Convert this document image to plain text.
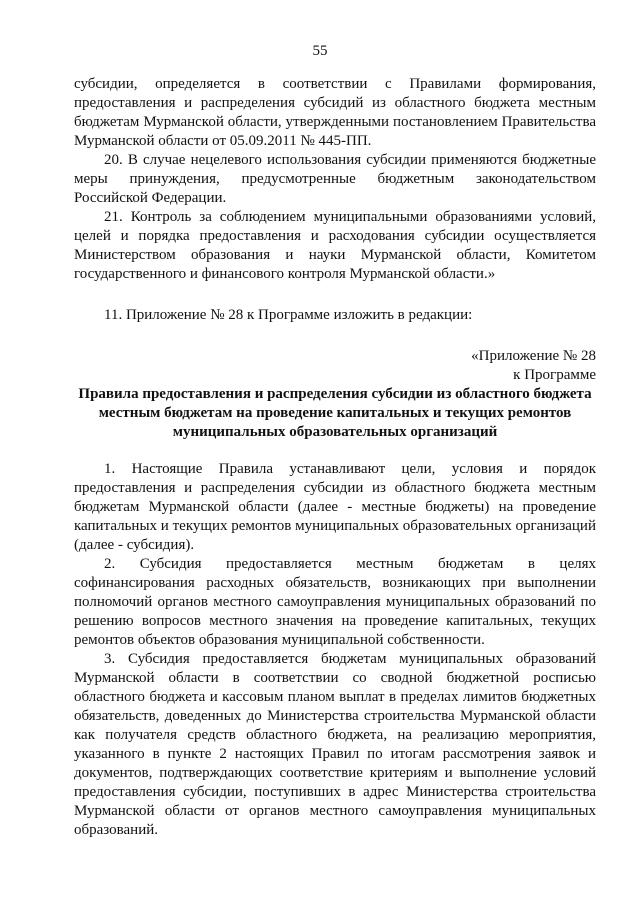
55

субсидии, определяется в соответствии с Правилами формирования, предоставления и распределения субсидий из областного бюджета местным бюджетам Мурманской области, утвержденными постановлением Правительства Мурманской области от 05.09.2011 № 445-ПП.

20. В случае нецелевого использования субсидии применяются бюджетные меры принуждения, предусмотренные бюджетным законодательством Российской Федерации.

21. Контроль за соблюдением муниципальными образованиями условий, целей и порядка предоставления и расходования субсидии осуществляется Министерством образования и науки Мурманской области, Комитетом государственного и финансового контроля Мурманской области.»

11. Приложение № 28 к Программе изложить в редакции:

«Приложение № 28

к Программе

Правила предоставления и распределения субсидии из областного бюджета местным бюджетам на проведение капитальных и текущих ремонтов муниципальных образовательных организаций

1. Настоящие Правила устанавливают цели, условия и порядок предоставления и распределения субсидии из областного бюджета местным бюджетам Мурманской области (далее - местные бюджеты) на проведение капитальных и текущих ремонтов муниципальных образовательных организаций (далее - субсидия).

2. Субсидия предоставляется местным бюджетам в целях софинансирования расходных обязательств, возникающих при выполнении полномочий органов местного самоуправления муниципальных образований по решению вопросов местного значения на проведение капитальных, текущих ремонтов объектов образования муниципальной собственности.

3. Субсидия предоставляется бюджетам муниципальных образований Мурманской области в соответствии со сводной бюджетной росписью областного бюджета и кассовым планом выплат в пределах лимитов бюджетных обязательств, доведенных до Министерства строительства Мурманской области как получателя средств областного бюджета, на реализацию мероприятия, указанного в пункте 2 настоящих Правил по итогам рассмотрения заявок и документов, подтверждающих соответствие критериям и выполнение условий предоставления субсидии, поступивших в адрес Министерства строительства Мурманской области от органов местного самоуправления муниципальных образований.
